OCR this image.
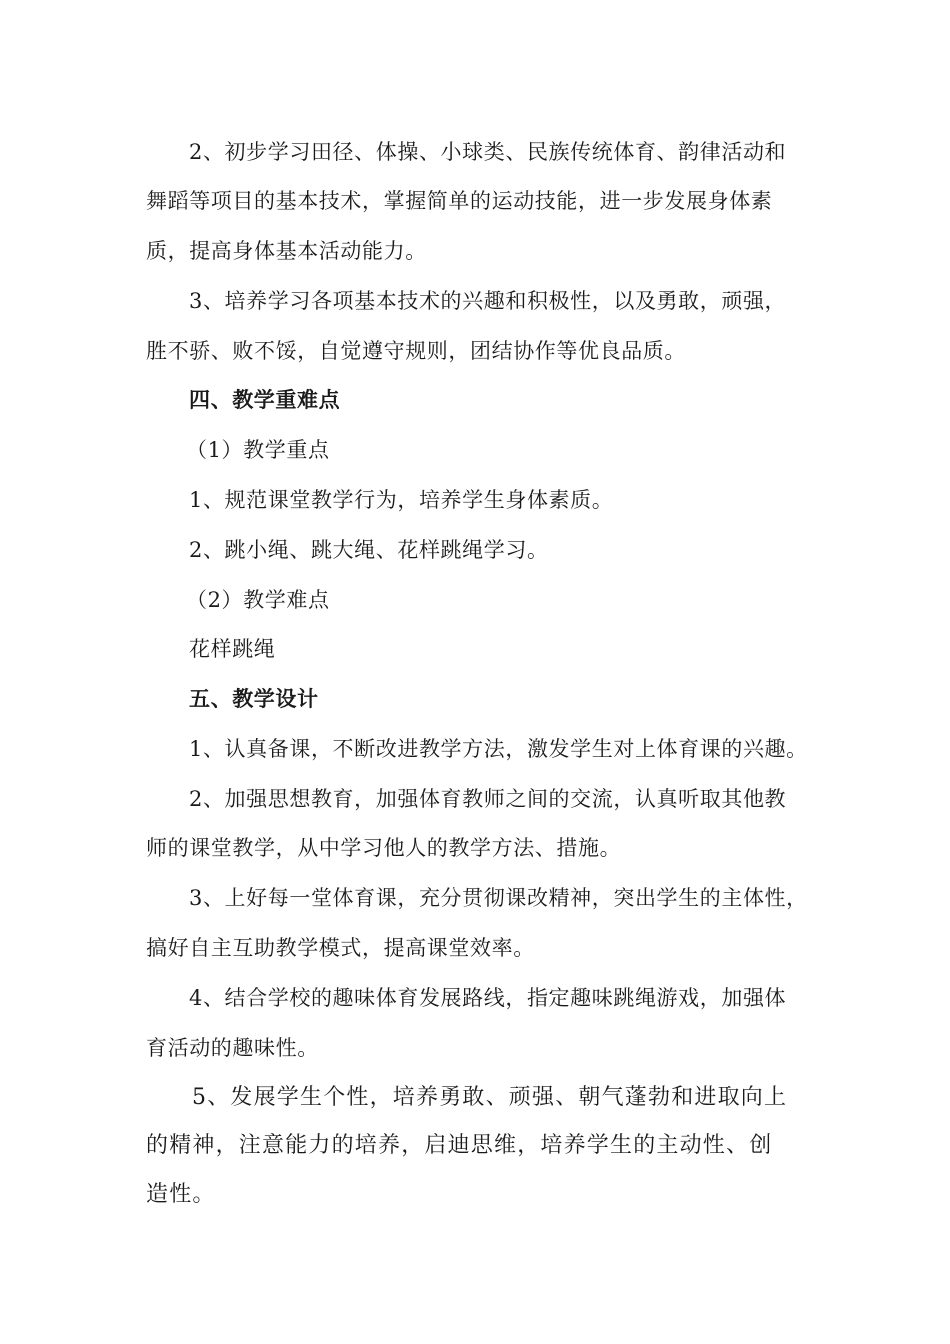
2、初步学习田径、体操、小球类、民族传统体育、韵律活动和
舞蹈等项目的基本技术，掌握简单的运动技能，进一步发展身体素
质，提高身体基本活动能力。
3、培养学习各项基本技术的兴趣和积极性，以及勇敢，顽强，
胜不骄、败不馁，自觉遵守规则，团结协作等优良品质。
四、教学重难点
（1）教学重点
1、规范课堂教学行为，培养学生身体素质。
2、跳小绳、跳大绳、花样跳绳学习。
（2）教学难点
花样跳绳
五、教学设计
1、认真备课，不断改进教学方法，激发学生对上体育课的兴趣。
2、加强思想教育，加强体育教师之间的交流，认真听取其他教
师的课堂教学，从中学习他人的教学方法、措施。
3、上好每一堂体育课，充分贯彻课改精神，突出学生的主体性，
搞好自主互助教学模式，提高课堂效率。
4、结合学校的趣味体育发展路线，指定趣味跳绳游戏，加强体
育活动的趣味性。
5、发展学生个性，培养勇敢、顽强、朝气蓬勃和进取向上
的精神，注意能力的培养，启迪思维，培养学生的主动性、创
造性。
